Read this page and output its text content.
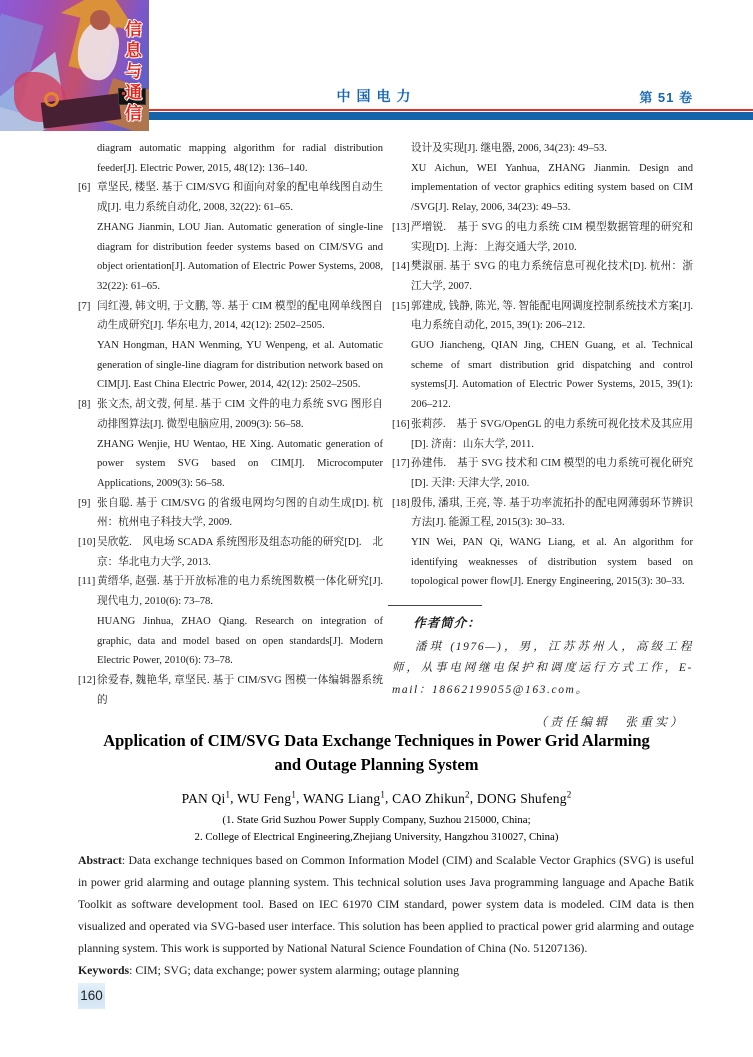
信息与通信	中国电力	第 51 卷
diagram automatic mapping algorithm for radial distribution feeder[J]. Electric Power, 2015, 48(12): 136–140.
[6] 章坚民, 楼坚. 基于 CIM/SVG 和面向对象的配电单线图自动生成[J]. 电力系统自动化, 2008, 32(22): 61–65.
ZHANG Jianmin, LOU Jian. Automatic generation of single-line diagram for distribution feeder systems based on CIM/SVG and object orientation[J]. Automation of Electric Power Systems, 2008, 32(22): 61–65.
[7] 闫红漫, 韩文明, 于文鹏, 等. 基于 CIM 模型的配电网单线图自动生成研究[J]. 华东电力, 2014, 42(12): 2502–2505.
YAN Hongman, HAN Wenming, YU Wenpeng, et al. Automatic generation of single-line diagram for distribution network based on CIM[J]. East China Electric Power, 2014, 42(12): 2502–2505.
[8] 张文杰, 胡文弢, 何星. 基于 CIM 文件的电力系统 SVG 图形自动排图算法[J]. 微型电脑应用, 2009(3): 56–58.
ZHANG Wenjie, HU Wentao, HE Xing. Automatic generation of power system SVG based on CIM[J]. Microcomputer Applications, 2009(3): 56–58.
[9] 张自聪. 基于 CIM/SVG 的省级电网均匀图的自动生成[D]. 杭州：杭州电子科技大学, 2009.
[10] 吴欣乾.　风电场 SCADA 系统图形及组态功能的研究[D].　北京：华北电力大学, 2013.
[11] 黄缙华, 赵强. 基于开放标准的电力系统图数模一体化研究[J]. 现代电力, 2010(6): 73–78.
HUANG Jinhua, ZHAO Qiang. Research on integration of graphic, data and model based on open standards[J]. Modern Electric Power, 2010(6): 73–78.
[12] 徐爱春, 魏艳华, 章坚民. 基于 CIM/SVG 图模一体编辑器系统的
设计及实现[J]. 继电器, 2006, 34(23): 49–53.
XU Aichun, WEI Yanhua, ZHANG Jianmin. Design and implementation of vector graphics editing system based on CIM /SVG[J]. Relay, 2006, 34(23): 49–53.
[13] 严增锐.　基于 SVG 的电力系统 CIM 模型数据管理的研究和实现[D]. 上海：上海交通大学, 2010.
[14] 樊淑丽. 基于 SVG 的电力系统信息可视化技术[D]. 杭州：浙江大学, 2007.
[15] 郭建成, 钱静, 陈光, 等. 智能配电网调度控制系统技术方案[J]. 电力系统自动化, 2015, 39(1): 206–212.
GUO Jiancheng, QIAN Jing, CHEN Guang, et al. Technical scheme of smart distribution grid dispatching and control systems[J]. Automation of Electric Power Systems, 2015, 39(1): 206–212.
[16] 张莉莎.　基于 SVG/OpenGL 的电力系统可视化技术及其应用[D]. 济南：山东大学, 2011.
[17] 孙建伟.　基于 SVG 技术和 CIM 模型的电力系统可视化研究[D]. 天津: 天津大学, 2010.
[18] 殷伟, 潘琪, 王亮, 等. 基于功率流拓扑的配电网薄弱环节辨识方法[J]. 能源工程, 2015(3): 30–33.
YIN Wei, PAN Qi, WANG Liang, et al. An algorithm for identifying weaknesses of distribution system based on topological power flow[J]. Energy Engineering, 2015(3): 30–33.
作者简介：
潘琪 (1976—)，男，江苏苏州人，高级工程师，从事电网继电保护和调度运行方式工作，E-mail：18662199055@163.com。
（责任编辑　张重实）
Application of CIM/SVG Data Exchange Techniques in Power Grid Alarming
and Outage Planning System
PAN Qi$^1$, WU Feng$^1$, WANG Liang$^1$, CAO Zhikun$^2$, DONG Shufeng$^2$
(1. State Grid Suzhou Power Supply Company, Suzhou 215000, China;
2. College of Electrical Engineering,Zhejiang University, Hangzhou 310027, China)

Abstract: Data exchange techniques based on Common Information Model (CIM) and Scalable Vector Graphics (SVG) is useful in power grid alarming and outage planning system. This technical solution uses Java programming language and Apache Batik Toolkit as software development tool. Based on IEC 61970 CIM standard, power system data is modeled. CIM data is then visualized and operated via SVG-based user interface. This solution has been applied to practical power grid alarming and outage planning system. This work is supported by National Natural Science Foundation of China (No. 51207136).

Keywords: CIM; SVG; data exchange; power system alarming; outage planning

160
